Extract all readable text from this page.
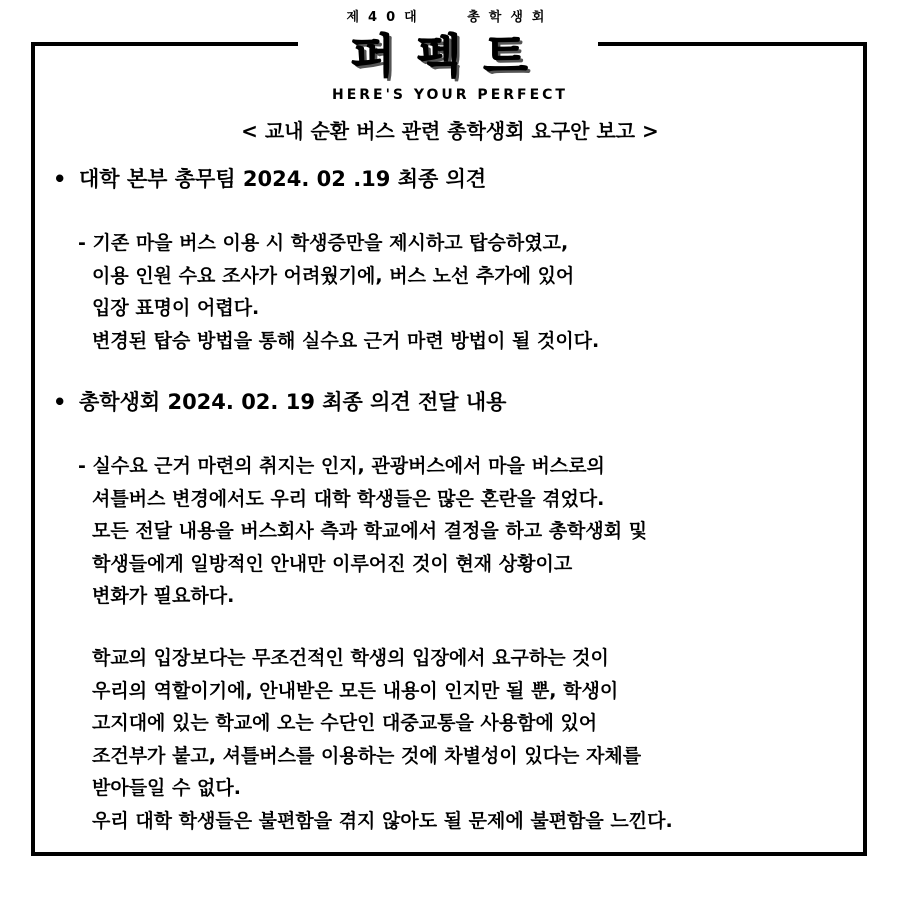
제40대	총학생회
퍼펙트
HERE'S YOUR PERFECT
< 교내 순환 버스 관련 총학생회 요구안 보고 >
• 대학 본부 총무팀 2024. 02 .19 최종 의견
- 기존 마을 버스 이용 시 학생증만을 제시하고 탑승하였고,
이용 인원 수요 조사가 어려웠기에, 버스 노선 추가에 있어
입장 표명이 어렵다.
변경된 탑승 방법을 통해 실수요 근거 마련 방법이 될 것이다.
• 총학생회 2024. 02. 19 최종 의견 전달 내용
- 실수요 근거 마련의 취지는 인지, 관광버스에서 마을 버스로의
셔틀버스 변경에서도 우리 대학 학생들은 많은 혼란을 겪었다.
모든 전달 내용을 버스회사 측과 학교에서 결정을 하고 총학생회 및
학생들에게 일방적인 안내만 이루어진 것이 현재 상황이고
변화가 필요하다.
학교의 입장보다는 무조건적인 학생의 입장에서 요구하는 것이
우리의 역할이기에, 안내받은 모든 내용이 인지만 될 뿐, 학생이
고지대에 있는 학교에 오는 수단인 대중교통을 사용함에 있어
조건부가 붙고, 셔틀버스를 이용하는 것에 차별성이 있다는 자체를
받아들일 수 없다.
우리 대학 학생들은 불편함을 겪지 않아도 될 문제에 불편함을 느낀다.
